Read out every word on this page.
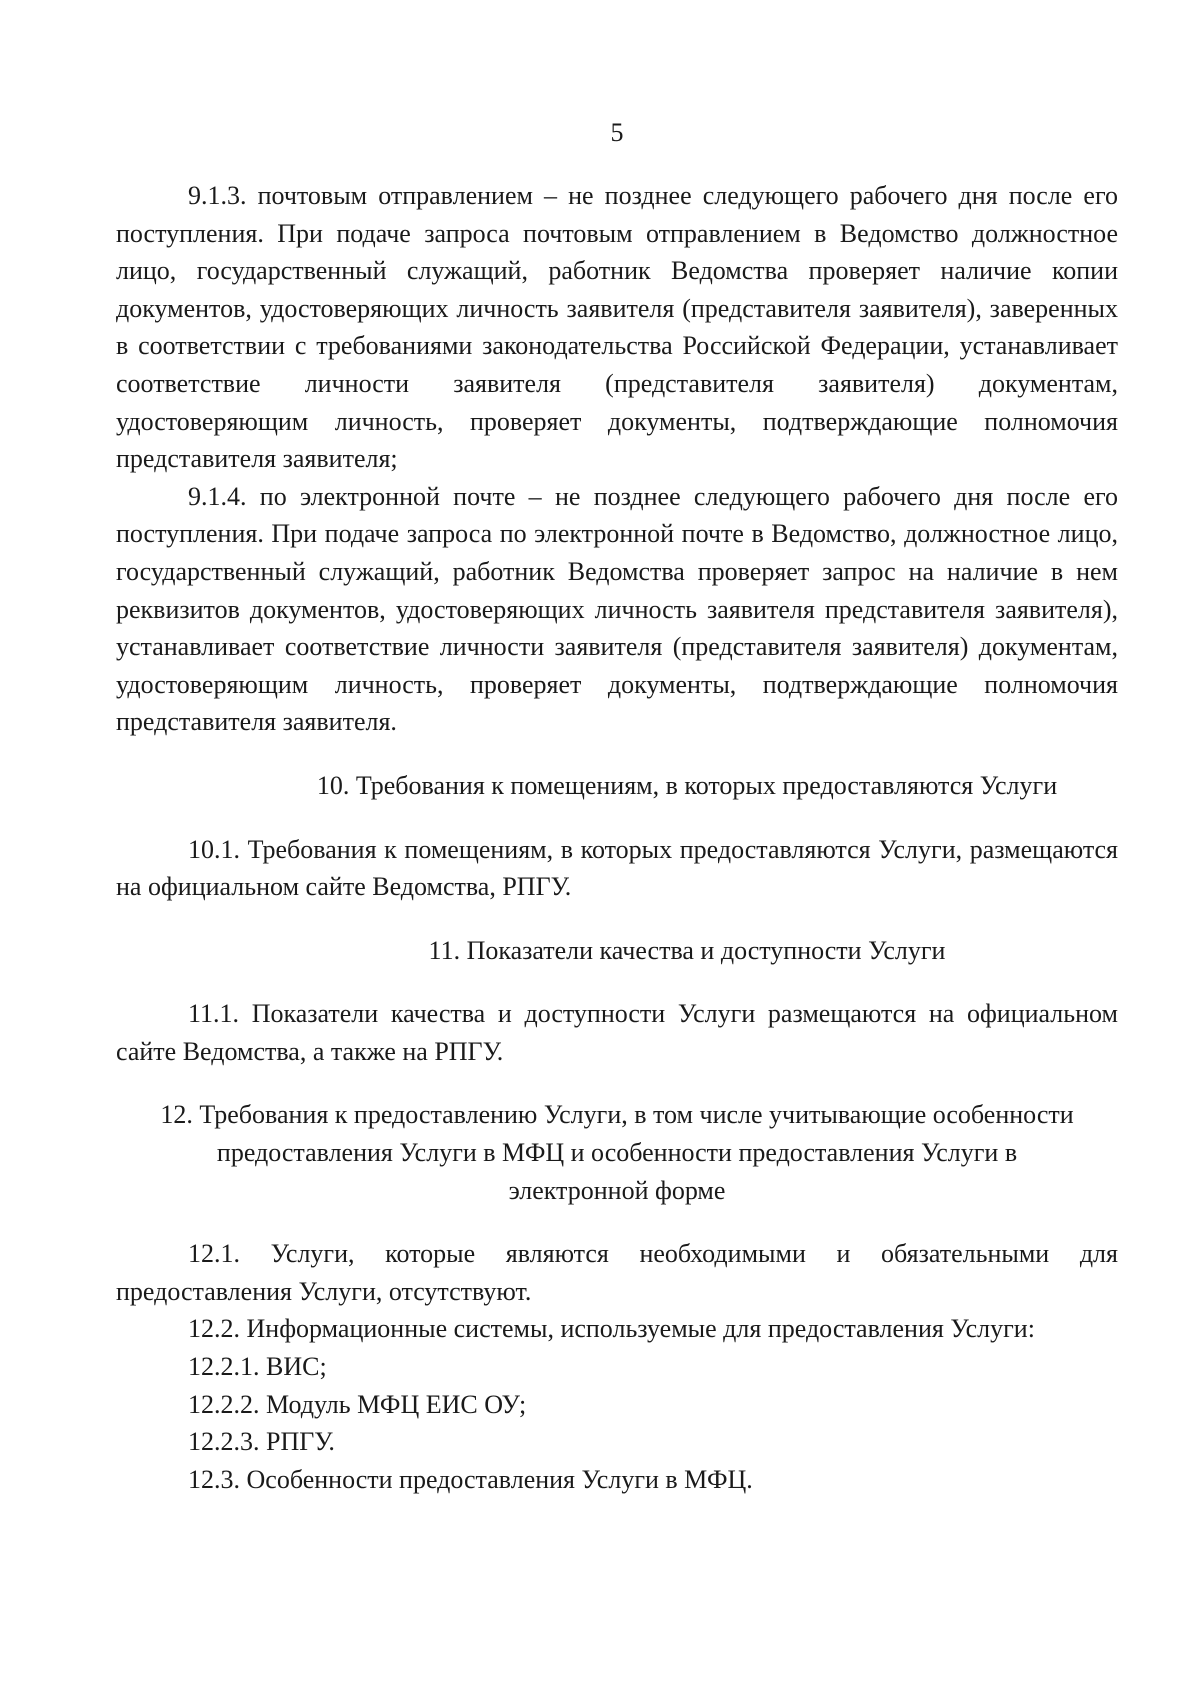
5

9.1.3. почтовым отправлением – не позднее следующего рабочего дня после его поступления. При подаче запроса почтовым отправлением в Ведомство должностное лицо, государственный служащий, работник Ведомства проверяет наличие копии документов, удостоверяющих личность заявителя (представителя заявителя), заверенных в соответствии с требованиями законодательства Российской Федерации, устанавливает соответствие личности заявителя (представителя заявителя) документам, удостоверяющим личность, проверяет документы, подтверждающие полномочия представителя заявителя;

9.1.4. по электронной почте – не позднее следующего рабочего дня после его поступления. При подаче запроса по электронной почте в Ведомство, должностное лицо, государственный служащий, работник Ведомства проверяет запрос на наличие в нем реквизитов документов, удостоверяющих личность заявителя представителя заявителя), устанавливает соответствие личности заявителя (представителя заявителя) документам, удостоверяющим личность, проверяет документы, подтверждающие полномочия представителя заявителя.

10. Требования к помещениям, в которых предоставляются Услуги

10.1. Требования к помещениям, в которых предоставляются Услуги, размещаются на официальном сайте Ведомства, РПГУ.

11. Показатели качества и доступности Услуги

11.1. Показатели качества и доступности Услуги размещаются на официальном сайте Ведомства, а также на РПГУ.

12. Требования к предоставлению Услуги, в том числе учитывающие особенности предоставления Услуги в МФЦ и особенности предоставления Услуги в электронной форме

12.1. Услуги, которые являются необходимыми и обязательными для предоставления Услуги, отсутствуют.

12.2. Информационные системы, используемые для предоставления Услуги:

12.2.1. ВИС;

12.2.2. Модуль МФЦ ЕИС ОУ;

12.2.3. РПГУ.

12.3. Особенности предоставления Услуги в МФЦ.
